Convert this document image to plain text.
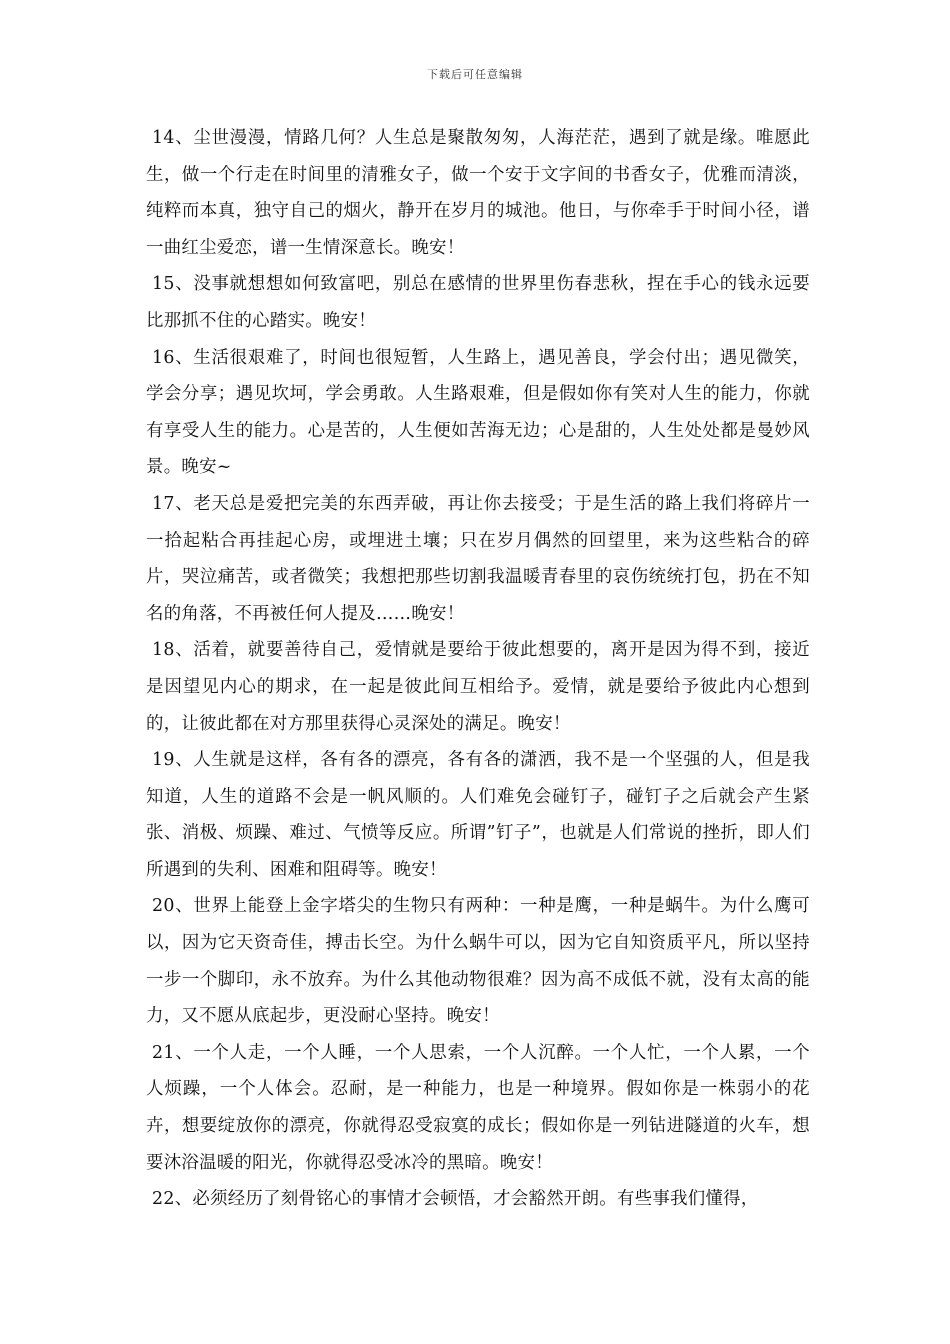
下载后可任意编辑

14、尘世漫漫，情路几何？人生总是聚散匆匆，人海茫茫，遇到了就是缘。唯愿此生，做一个行走在时间里的清雅女子，做一个安于文字间的书香女子，优雅而清淡，纯粹而本真，独守自己的烟火，静开在岁月的城池。他日，与你牵手于时间小径，谱一曲红尘爱恋，谱一生情深意长。晚安！

15、没事就想想如何致富吧，别总在感情的世界里伤春悲秋，捏在手心的钱永远要比那抓不住的心踏实。晚安！

16、生活很艰难了，时间也很短暂，人生路上，遇见善良，学会付出；遇见微笑，学会分享；遇见坎坷，学会勇敢。人生路艰难，但是假如你有笑对人生的能力，你就有享受人生的能力。心是苦的，人生便如苦海无边；心是甜的，人生处处都是曼妙风景。晚安~

17、老天总是爱把完美的东西弄破，再让你去接受；于是生活的路上我们将碎片一一拾起粘合再挂起心房，或埋进土壤；只在岁月偶然的回望里，来为这些粘合的碎片，哭泣痛苦，或者微笑；我想把那些切割我温暖青春里的哀伤统统打包，扔在不知名的角落，不再被任何人提及……晚安！

18、活着，就要善待自己，爱情就是要给于彼此想要的，离开是因为得不到，接近是因望见内心的期求，在一起是彼此间互相给予。爱情，就是要给予彼此内心想到的，让彼此都在对方那里获得心灵深处的满足。晚安！

19、人生就是这样，各有各的漂亮，各有各的潇洒，我不是一个坚强的人，但是我知道，人生的道路不会是一帆风顺的。人们难免会碰钉子，碰钉子之后就会产生紧张、消极、烦躁、难过、气愤等反应。所谓”钉子”，也就是人们常说的挫折，即人们所遇到的失利、困难和阻碍等。晚安！

20、世界上能登上金字塔尖的生物只有两种：一种是鹰，一种是蜗牛。为什么鹰可以，因为它天资奇佳，搏击长空。为什么蜗牛可以，因为它自知资质平凡，所以坚持一步一个脚印，永不放弃。为什么其他动物很难？因为高不成低不就，没有太高的能力，又不愿从底起步，更没耐心坚持。晚安！

21、一个人走，一个人睡，一个人思索，一个人沉醉。一个人忙，一个人累，一个人烦躁，一个人体会。忍耐，是一种能力，也是一种境界。假如你是一株弱小的花卉，想要绽放你的漂亮，你就得忍受寂寞的成长；假如你是一列钻进隧道的火车，想要沐浴温暖的阳光，你就得忍受冰冷的黑暗。晚安！

22、必须经历了刻骨铭心的事情才会顿悟，才会豁然开朗。有些事我们懂得，
